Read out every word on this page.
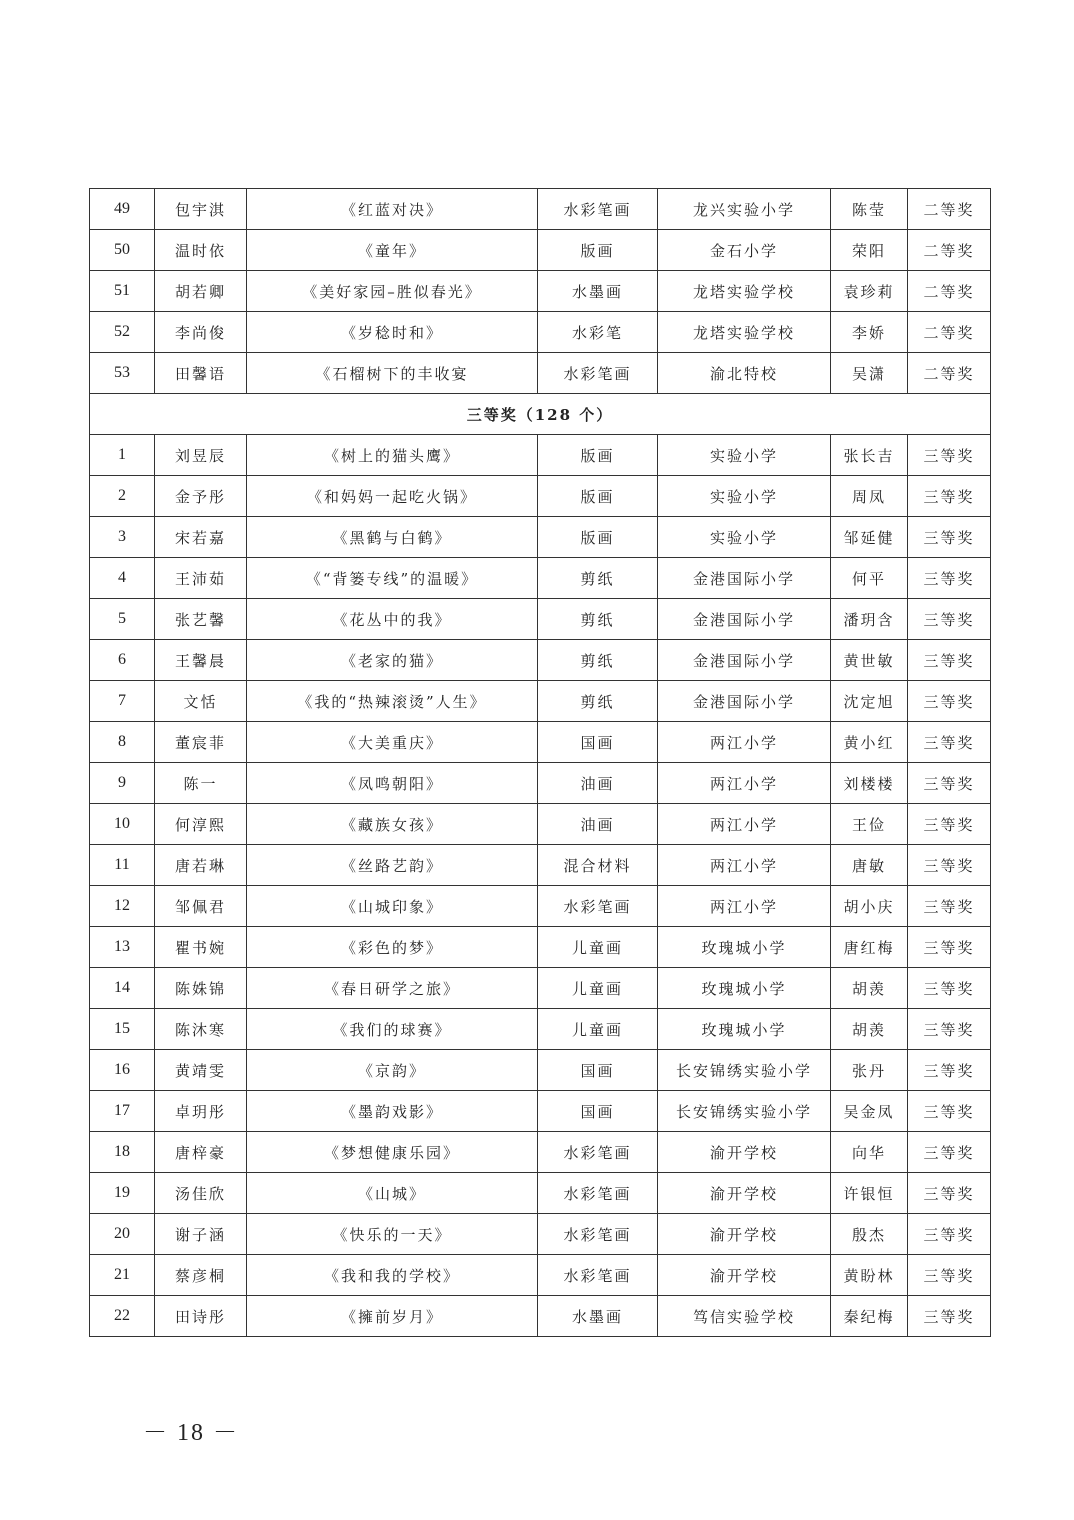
49	包宇淇	《红蓝对决》	水彩笔画	龙兴实验小学	陈莹	二等奖
50	温时依	《童年》	版画	金石小学	荣阳	二等奖
51	胡若卿	《美好家园–胜似春光》	水墨画	龙塔实验学校	袁珍莉	二等奖
52	李尚俊	《岁稔时和》	水彩笔	龙塔实验学校	李娇	二等奖
53	田馨语	《石榴树下的丰收宴	水彩笔画	渝北特校	吴潇	二等奖
三等奖（128 个）						
1	刘昱辰	《树上的猫头鹰》	版画	实验小学	张长吉	三等奖
2	金予彤	《和妈妈一起吃火锅》	版画	实验小学	周凤	三等奖
3	宋若嘉	《黑鹤与白鹤》	版画	实验小学	邹延健	三等奖
4	王沛茹	《“背篓专线”的温暖》	剪纸	金港国际小学	何平	三等奖
5	张艺馨	《花丛中的我》	剪纸	金港国际小学	潘玥含	三等奖
6	王馨晨	《老家的猫》	剪纸	金港国际小学	黄世敏	三等奖
7	文恬	《我的“热辣滚烫”人生》	剪纸	金港国际小学	沈定旭	三等奖
8	董宸菲	《大美重庆》	国画	两江小学	黄小红	三等奖
9	陈一	《凤鸣朝阳》	油画	两江小学	刘楼楼	三等奖
10	何淳熙	《藏族女孩》	油画	两江小学	王俭	三等奖
11	唐若琳	《丝路艺韵》	混合材料	两江小学	唐敏	三等奖
12	邹佩君	《山城印象》	水彩笔画	两江小学	胡小庆	三等奖
13	瞿书婉	《彩色的梦》	儿童画	玫瑰城小学	唐红梅	三等奖
14	陈姝锦	《春日研学之旅》	儿童画	玫瑰城小学	胡羡	三等奖
15	陈沐寒	《我们的球赛》	儿童画	玫瑰城小学	胡羡	三等奖
16	黄靖雯	《京韵》	国画	长安锦绣实验小学	张丹	三等奖
17	卓玥彤	《墨韵戏影》	国画	长安锦绣实验小学	吴金凤	三等奖
18	唐梓豪	《梦想健康乐园》	水彩笔画	渝开学校	向华	三等奖
19	汤佳欣	《山城》	水彩笔画	渝开学校	许银恒	三等奖
20	谢子涵	《快乐的一天》	水彩笔画	渝开学校	殷杰	三等奖
21	蔡彦桐	《我和我的学校》	水彩笔画	渝开学校	黄盼林	三等奖
22	田诗彤	《擁前岁月》	水墨画	笃信实验学校	秦纪梅	三等奖
－ 18 －
